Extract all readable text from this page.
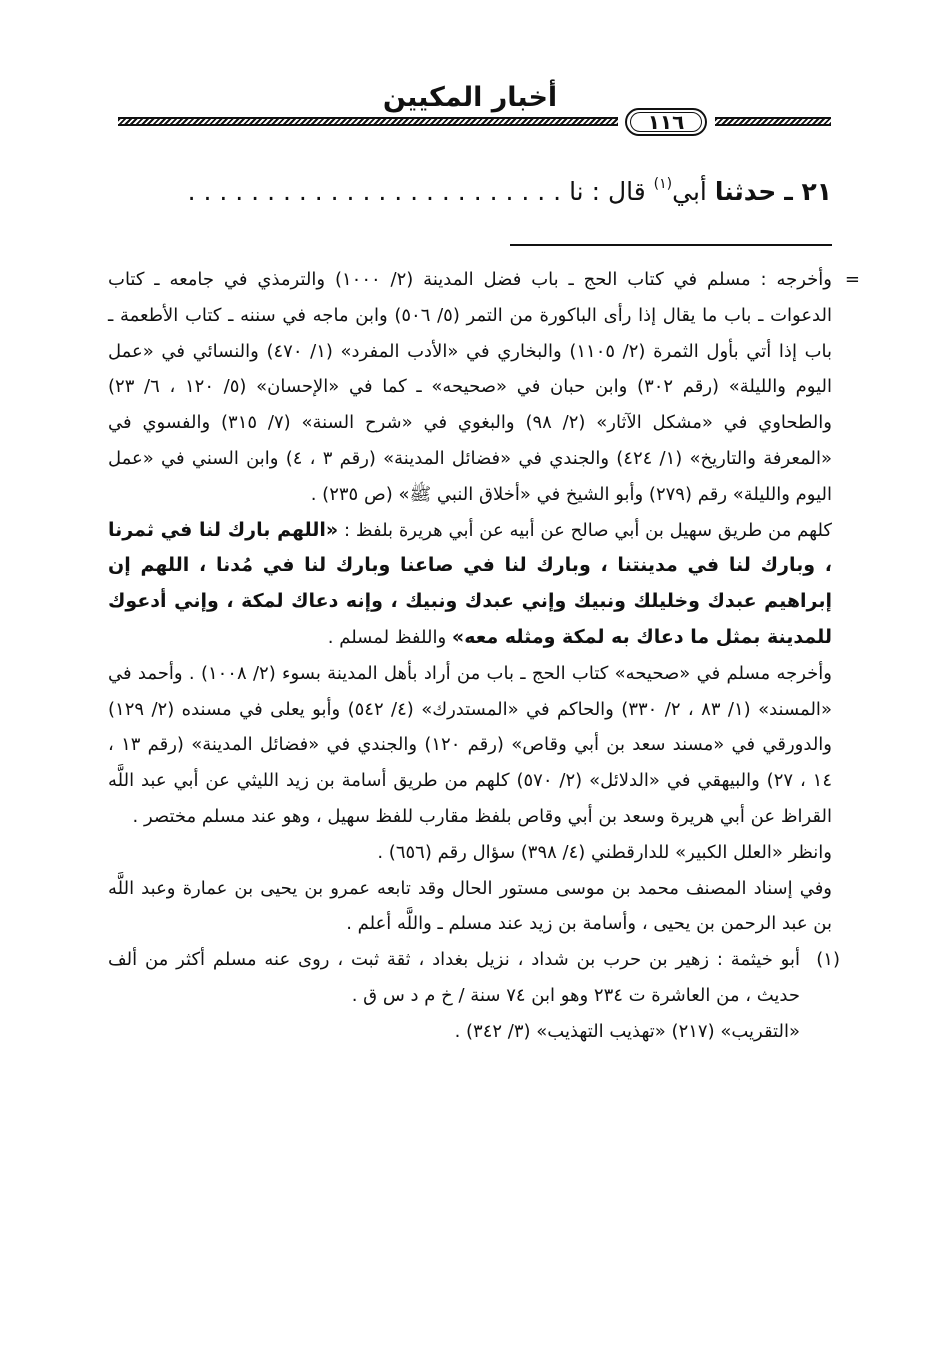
أخبار المكيين
١١٦
٢١ ـ حدثنا أبي$^{(١)}$ قال : نا . . . . . . . . . . . . . . . . . . . . . . . .

=
وأخرجه : مسلم في كتاب الحج ـ باب فضل المدينة (٢/ ١٠٠٠) والترمذي في جامعه ـ كتاب الدعوات ـ باب ما يقال إذا رأى الباكورة من التمر (٥/ ٥٠٦) وابن ماجه في سننه ـ كتاب الأطعمة ـ باب إذا أتي بأول الثمرة (٢/ ١١٠٥) والبخاري في «الأدب المفرد» (١/ ٤٧٠) والنسائي في «عمل اليوم والليلة» (رقم ٣٠٢) وابن حبان في «صحيحه» ـ كما في «الإحسان» (٥/ ١٢٠ ، ٦/ ٢٣) والطحاوي في «مشكل الآثار» (٢/ ٩٨) والبغوي في «شرح السنة» (٧/ ٣١٥) والفسوي في «المعرفة والتاريخ» (١/ ٤٢٤) والجندي في «فضائل المدينة» (رقم ٣ ، ٤) وابن السني في «عمل اليوم والليلة» رقم (٢٧٩) وأبو الشيخ في «أخلاق النبي ﷺ» (ص ٢٣٥) .

كلهم من طريق سهيل بن أبي صالح عن أبيه عن أبي هريرة بلفظ : «اللهم بارك لنا في ثمرنا ، وبارك لنا في مدينتنا ، وبارك لنا في صاعنا وبارك لنا في مُدنا ، اللهم إن إبراهيم عبدك وخليلك ونبيك وإني عبدك ونبيك ، وإنه دعاك لمكة ، وإني أدعوك للمدينة بمثل ما دعاك به لمكة ومثله معه» واللفظ لمسلم .

وأخرجه مسلم في «صحيحه» كتاب الحج ـ باب من أراد بأهل المدينة بسوء (٢/ ١٠٠٨) . وأحمد في «المسند» (١/ ٨٣ ، ٢/ ٣٣٠) والحاكم في «المستدرك» (٤/ ٥٤٢) وأبو يعلى في مسنده (٢/ ١٢٩) والدورقي في «مسند سعد بن أبي وقاص» (رقم ١٢٠) والجندي في «فضائل المدينة» (رقم ١٣ ، ١٤ ، ٢٧) والبيهقي في «الدلائل» (٢/ ٥٧٠) كلهم من طريق أسامة بن زيد الليثي عن أبي عبد اللَّه القراظ عن أبي هريرة وسعد بن أبي وقاص بلفظ مقارب للفظ سهيل ، وهو عند مسلم مختصر .

وانظر «العلل الكبير» للدارقطني (٤/ ٣٩٨) سؤال رقم (٦٥٦) .

وفي إسناد المصنف محمد بن موسى مستور الحال وقد تابعه عمرو بن يحيى بن عمارة وعبد اللَّه بن عبد الرحمن بن يحيى ، وأسامة بن زيد عند مسلم ـ واللَّه أعلم .

(١)
أبو خيثمة : زهير بن حرب بن شداد ، نزيل بغداد ، ثقة ثبت ، روى عنه مسلم أكثر من ألف حديث ، من العاشرة ت ٢٣٤ وهو ابن ٧٤ سنة / خ م د س ق .

«التقريب» (٢١٧) «تهذيب التهذيب» (٣/ ٣٤٢) .
